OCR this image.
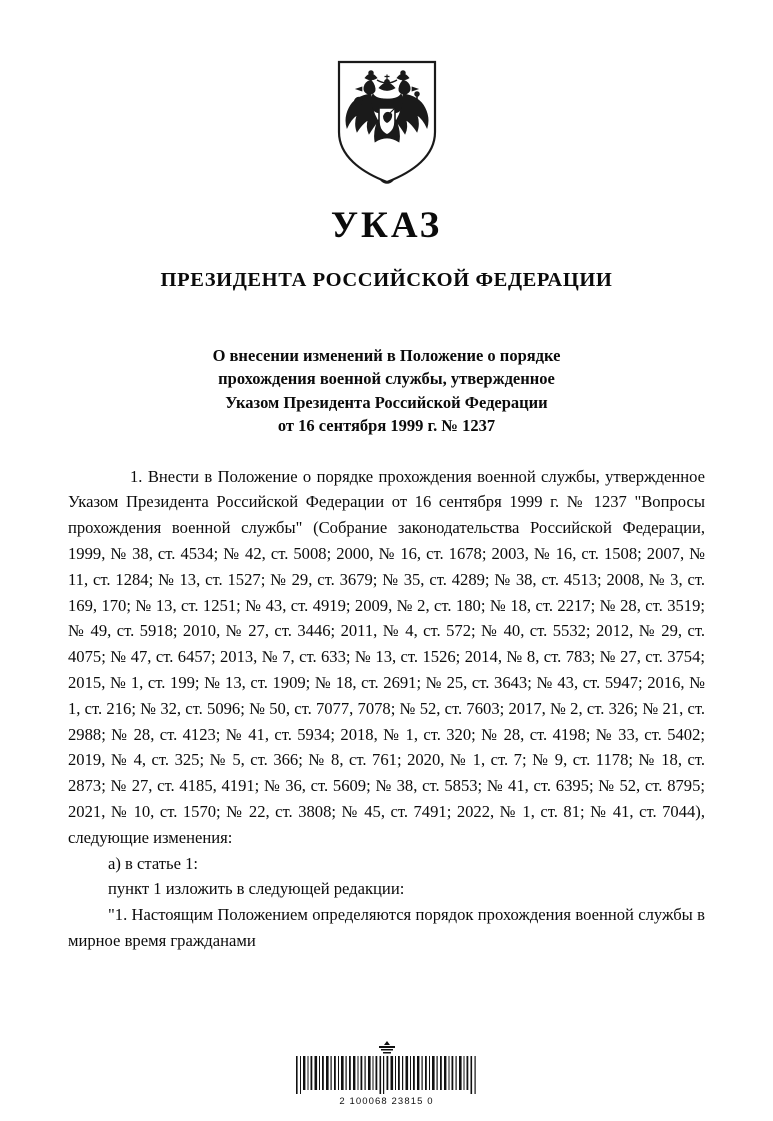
УКАЗ
ПРЕЗИДЕНТА РОССИЙСКОЙ ФЕДЕРАЦИИ
О внесении изменений в Положение о порядке
прохождения военной службы, утвержденное
Указом Президента Российской Федерации
от 16 сентября 1999 г. № 1237

1. Внести в Положение о порядке прохождения военной службы, утвержденное Указом Президента Российской Федерации от 16 сентября 1999 г. № 1237 "Вопросы прохождения военной службы" (Собрание законодательства Российской Федерации, 1999, № 38, ст. 4534; № 42, ст. 5008; 2000, № 16, ст. 1678; 2003, № 16, ст. 1508; 2007, № 11, ст. 1284; № 13, ст. 1527; № 29, ст. 3679; № 35, ст. 4289; № 38, ст. 4513; 2008, № 3, ст. 169, 170; № 13, ст. 1251; № 43, ст. 4919; 2009, № 2, ст. 180; № 18, ст. 2217; № 28, ст. 3519; № 49, ст. 5918; 2010, № 27, ст. 3446; 2011, № 4, ст. 572; № 40, ст. 5532; 2012, № 29, ст. 4075; № 47, ст. 6457; 2013, № 7, ст. 633; № 13, ст. 1526; 2014, № 8, ст. 783; № 27, ст. 3754; 2015, № 1, ст. 199; № 13, ст. 1909; № 18, ст. 2691; № 25, ст. 3643; № 43, ст. 5947; 2016, № 1, ст. 216; № 32, ст. 5096; № 50, ст. 7077, 7078; № 52, ст. 7603; 2017, № 2, ст. 326; № 21, ст. 2988; № 28, ст. 4123; № 41, ст. 5934; 2018, № 1, ст. 320; № 28, ст. 4198; № 33, ст. 5402; 2019, № 4, ст. 325; № 5, ст. 366; № 8, ст. 761; 2020, № 1, ст. 7; № 9, ст. 1178; № 18, ст. 2873; № 27, ст. 4185, 4191; № 36, ст. 5609; № 38, ст. 5853; № 41, ст. 6395; № 52, ст. 8795; 2021, № 10, ст. 1570; № 22, ст. 3808; № 45, ст. 7491; 2022, № 1, ст. 81; № 41, ст. 7044), следующие изменения:

а) в статье 1:

пункт 1 изложить в следующей редакции:

"1. Настоящим Положением определяются порядок прохождения военной службы в мирное время гражданами

2 100068 23815 0
